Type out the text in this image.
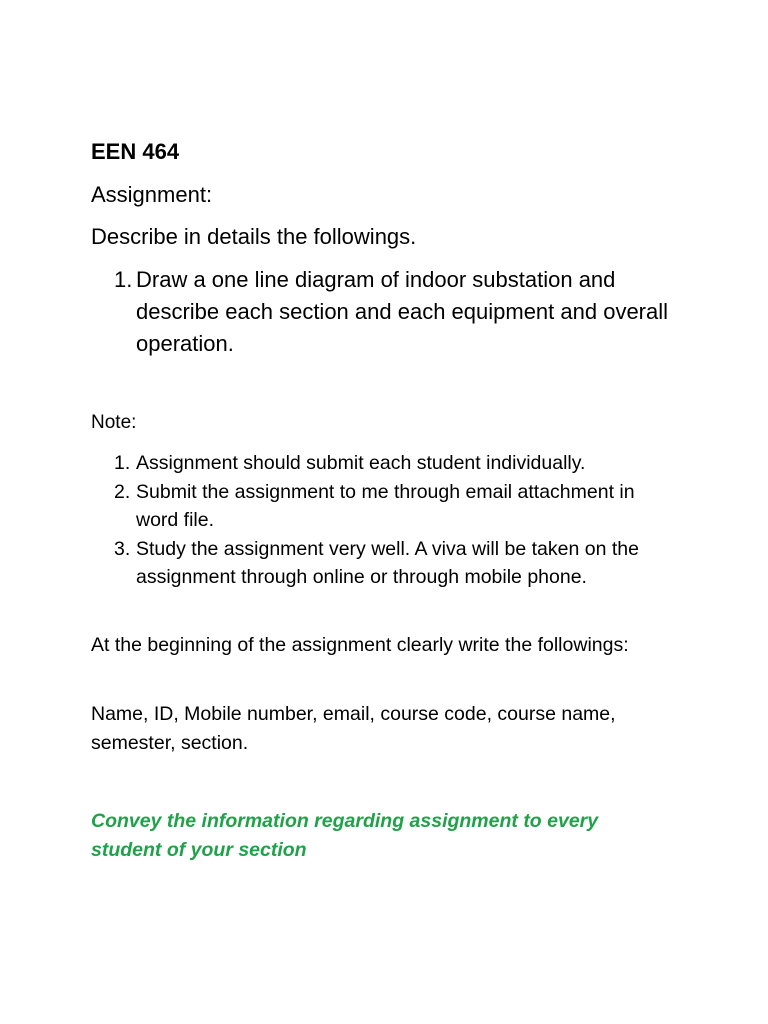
EEN 464

Assignment:

Describe in details the followings.

1. Draw a one line diagram of indoor substation and describe each section and each equipment and overall operation.

Note:

1. Assignment should submit each student individually.
2. Submit the assignment to me through email attachment in word file.
3. Study the assignment very well. A viva will be taken on the assignment through online or through mobile phone.

At the beginning of the assignment clearly write the followings:

Name, ID, Mobile number, email, course code, course name, semester, section.

Convey the information regarding assignment to every student of your section
